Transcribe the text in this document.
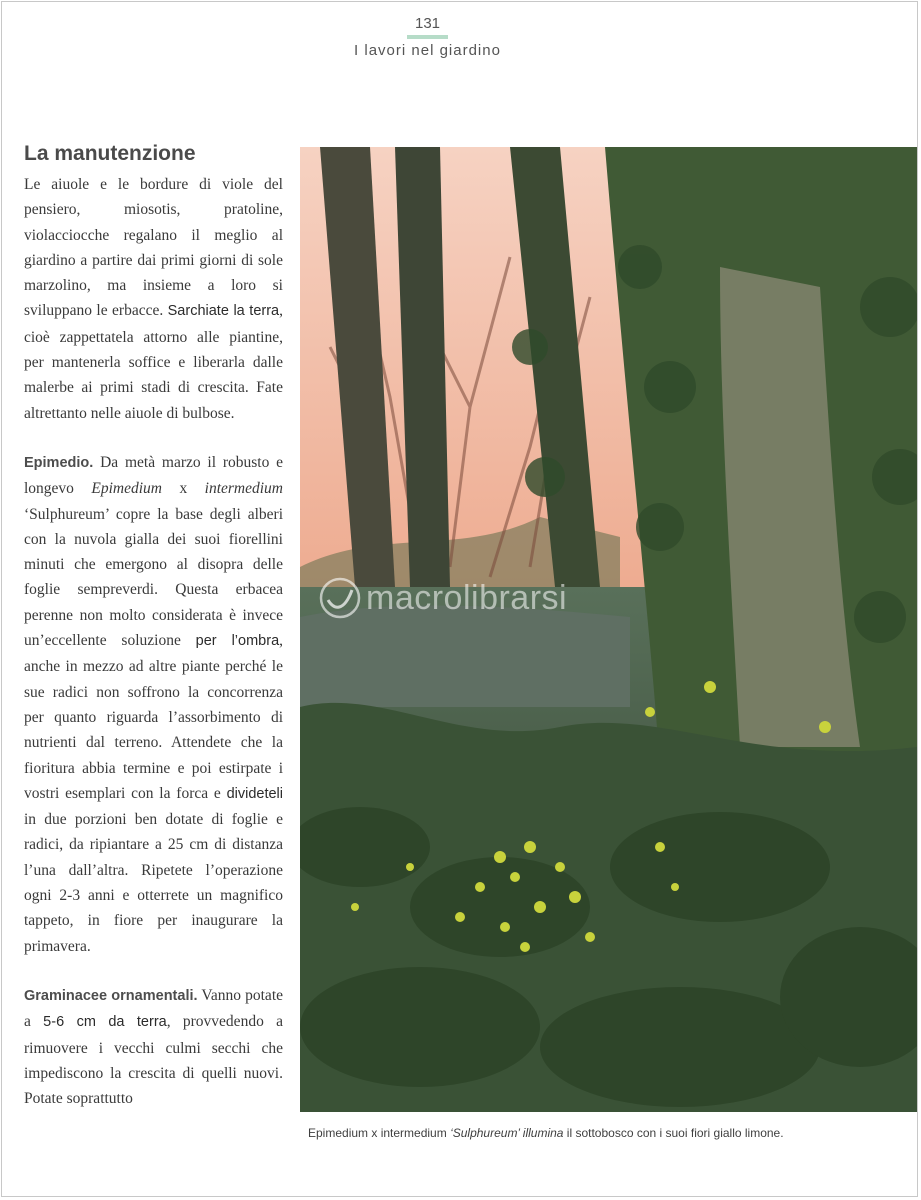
131
I lavori nel giardino
La manutenzione

Le aiuole e le bordure di viole del pensiero, miosotis, pratoline, violacciocche regalano il meglio al giardino a partire dai primi giorni di sole marzolino, ma insieme a loro si sviluppano le erbacce. Sarchiate la terra, cioè zappettatela attorno alle piantine, per mantenerla soffice e liberarla dalle malerbe ai primi stadi di crescita. Fate altrettanto nelle aiuole di bulbose.

Epimedio. Da metà marzo il robusto e longevo Epimedium x intermedium ‘Sulphureum’ copre la base degli alberi con la nuvola gialla dei suoi fiorellini minuti che emergono al disopra delle foglie sempreverdi. Questa erbacea perenne non molto considerata è invece un’eccellente soluzione per l’ombra, anche in mezzo ad altre piante perché le sue radici non soffrono la concorrenza per quanto riguarda l’assorbimento di nutrienti dal terreno. Attendete che la fioritura abbia termine e poi estirpate i vostri esemplari con la forca e divideteli in due porzioni ben dotate di foglie e radici, da ripiantare a 25 cm di distanza l’una dall’altra. Ripetete l’operazione ogni 2-3 anni e otterrete un magnifico tappeto, in fiore per inaugurare la primavera.

Graminacee ornamentali. Vanno potate a 5-6 cm da terra, provvedendo a rimuovere i vecchi culmi secchi che impediscono la crescita di quelli nuovi. Potate soprattutto

macrolibrarsi
Epimedium x intermedium ‘Sulphureum’ illumina il sottobosco con i suoi fiori giallo limone.
